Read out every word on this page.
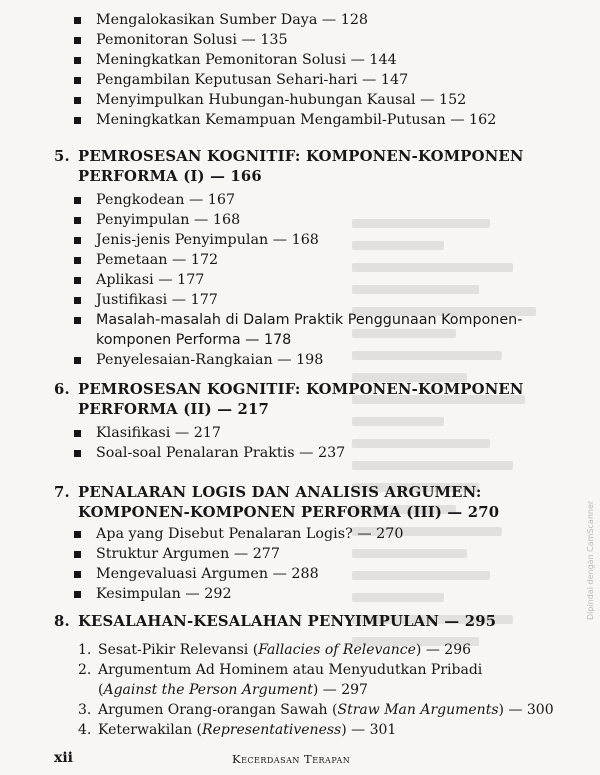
Mengalokasikan Sumber Daya — 128
Pemonitoran Solusi — 135
Meningkatkan Pemonitoran Solusi — 144
Pengambilan Keputusan Sehari-hari — 147
Menyimpulkan Hubungan-hubungan Kausal — 152
Meningkatkan Kemampuan Mengambil-Putusan — 162
5. PEMROSESAN KOGNITIF: KOMPONEN-KOMPONEN PERFORMA (I) — 166
Pengkodean — 167
Penyimpulan — 168
Jenis-jenis Penyimpulan — 168
Pemetaan — 172
Aplikasi — 177
Justifikasi — 177
Masalah-masalah di Dalam Praktik Penggunaan Komponen-komponen Performa — 178
Penyelesaian-Rangkaian — 198
6. PEMROSESAN KOGNITIF: KOMPONEN-KOMPONEN PERFORMA (II) — 217
Klasifikasi — 217
Soal-soal Penalaran Praktis — 237
7. PENALARAN LOGIS DAN ANALISIS ARGUMEN: KOMPONEN-KOMPONEN PERFORMA (III) — 270
Apa yang Disebut Penalaran Logis? — 270
Struktur Argumen — 277
Mengevaluasi Argumen — 288
Kesimpulan — 292
8. KESALAHAN-KESALAHAN PENYIMPULAN — 295
1. Sesat-Pikir Relevansi (Fallacies of Relevance) — 296
2. Argumentum Ad Hominem atau Menyudutkan Pribadi
(Against the Person Argument) — 297
3. Argumen Orang-orangan Sawah (Straw Man Arguments) — 300
4. Keterwakilan (Representativeness) — 301
xii	Kecerdasan Terapan
Dipindai dengan CamScanner
